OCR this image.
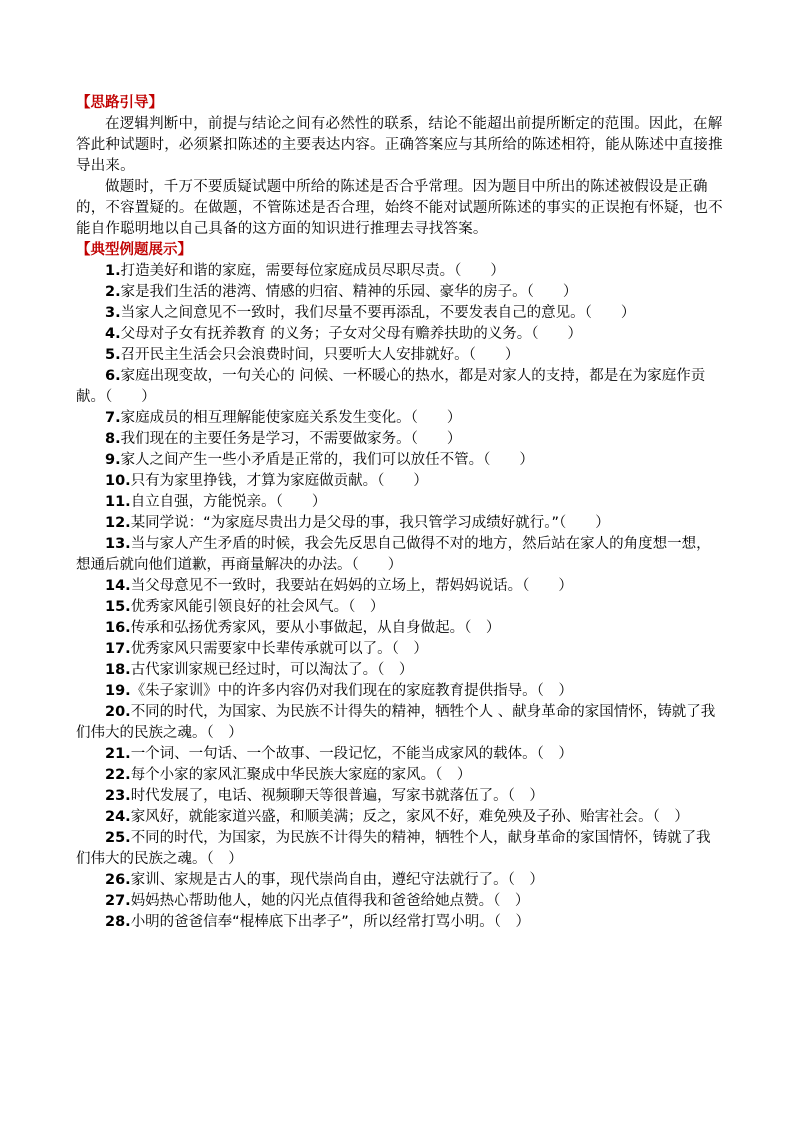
【思路引导】

在逻辑判断中，前提与结论之间有必然性的联系，结论不能超出前提所断定的范围。因此，在解答此种试题时，必须紧扣陈述的主要表达内容。正确答案应与其所给的陈述相符，能从陈述中直接推导出来。

做题时，千万不要质疑试题中所给的陈述是否合乎常理。因为题目中所出的陈述被假设是正确的，不容置疑的。在做题，不管陈述是否合理，始终不能对试题所陈述的事实的正误抱有怀疑，也不能自作聪明地以自己具备的这方面的知识进行推理去寻找答案。

【典型例题展示】

1.打造美好和谐的家庭，需要每位家庭成员尽职尽责。（　　）

2.家是我们生活的港湾、情感的归宿、精神的乐园、豪华的房子。（　　）

3.当家人之间意见不一致时，我们尽量不要再添乱，不要发表自己的意见。（　　）

4.父母对子女有抚养教育 的义务；子女对父母有赡养扶助的义务。（　　）

5.召开民主生活会只会浪费时间，只要听大人安排就好。（　　）

6.家庭出现变故，一句关心的 问候、一杯暖心的热水，都是对家人的支持，都是在为家庭作贡献。（　　）

7.家庭成员的相互理解能使家庭关系发生变化。（　　）

8.我们现在的主要任务是学习，不需要做家务。（　　）

9.家人之间产生一些小矛盾是正常的，我们可以放任不管。（　　）

10.只有为家里挣钱，才算为家庭做贡献。（　　）

11.自立自强，方能悦亲。（　　）

12.某同学说：“为家庭尽贵出力是父母的事，我只管学习成绩好就行。”（　　）

13.当与家人产生矛盾的时候，我会先反思自己做得不对的地方，然后站在家人的角度想一想，想通后就向他们道歉，再商量解决的办法。（　　）

14.当父母意见不一致时，我要站在妈妈的立场上，帮妈妈说话。（　　）

15.优秀家风能引领良好的社会风气。（　）

16.传承和弘扬优秀家风，要从小事做起，从自身做起。（　）

17.优秀家风只需要家中长辈传承就可以了。（　）

18.古代家训家规已经过时，可以淘汰了。（　）

19.《朱子家训》中的许多内容仍对我们现在的家庭教育提供指导。（　）

20.不同的时代，为国家、为民族不计得失的精神，牺牲个人 、献身革命的家国情怀，铸就了我们伟大的民族之魂。（　）

21.一个词、一句话、一个故事、一段记忆，不能当成家风的载体。（　）

22.每个小家的家风汇聚成中华民族大家庭的家风。（　）

23.时代发展了，电话、视频聊天等很普遍，写家书就落伍了。（　）

24.家风好，就能家道兴盛，和顺美满；反之，家风不好，难免殃及子孙、贻害社会。（　）

25.不同的时代，为国家，为民族不计得失的精神，牺牲个人，献身革命的家国情怀，铸就了我们伟大的民族之魂。（　）

26.家训、家规是古人的事，现代崇尚自由，遵纪守法就行了。（　）

27.妈妈热心帮助他人，她的闪光点值得我和爸爸给她点赞。（　）

28.小明的爸爸信奉“棍棒底下出孝子”，所以经常打骂小明。（　）
